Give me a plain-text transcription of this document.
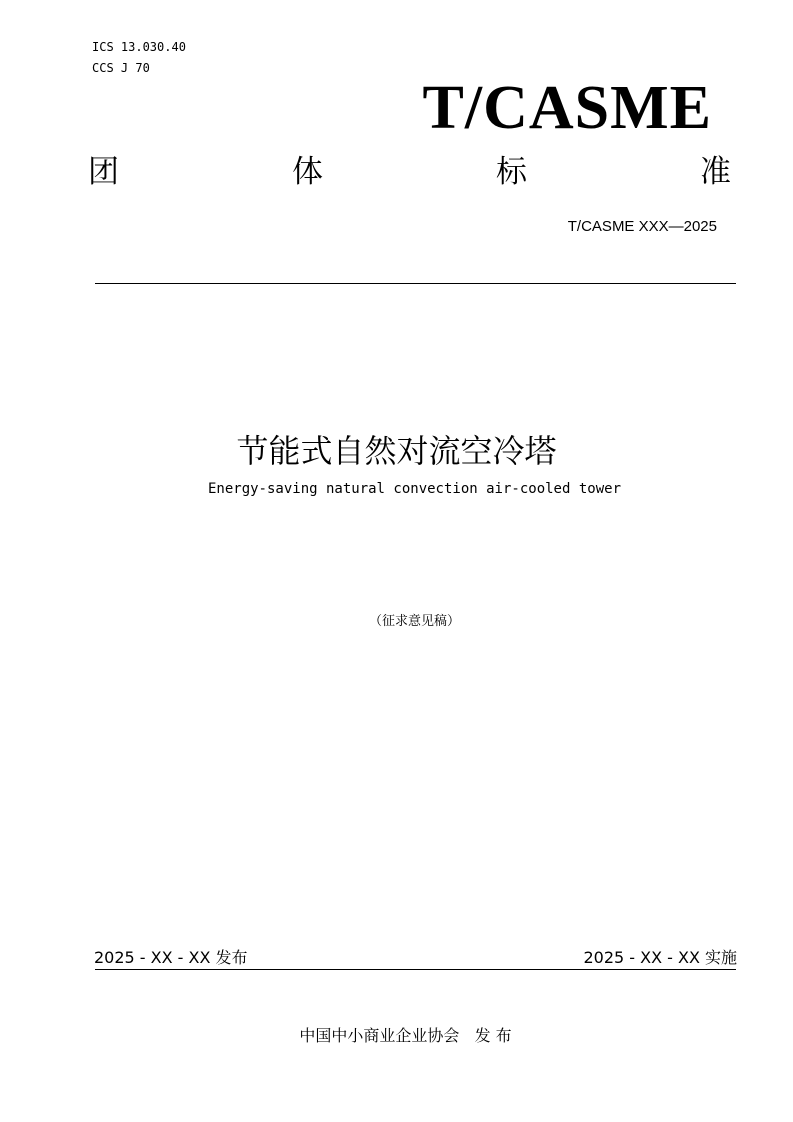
ICS 13.030.40
CCS J 70
T/CASME
团	体	标	准
T/CASME XXX—2025
节能式自然对流空冷塔
Energy-saving natural convection air-cooled tower
（征求意见稿）
2025 - XX - XX 发布	2025 - XX - XX 实施
中国中小商业企业协会   发 布
